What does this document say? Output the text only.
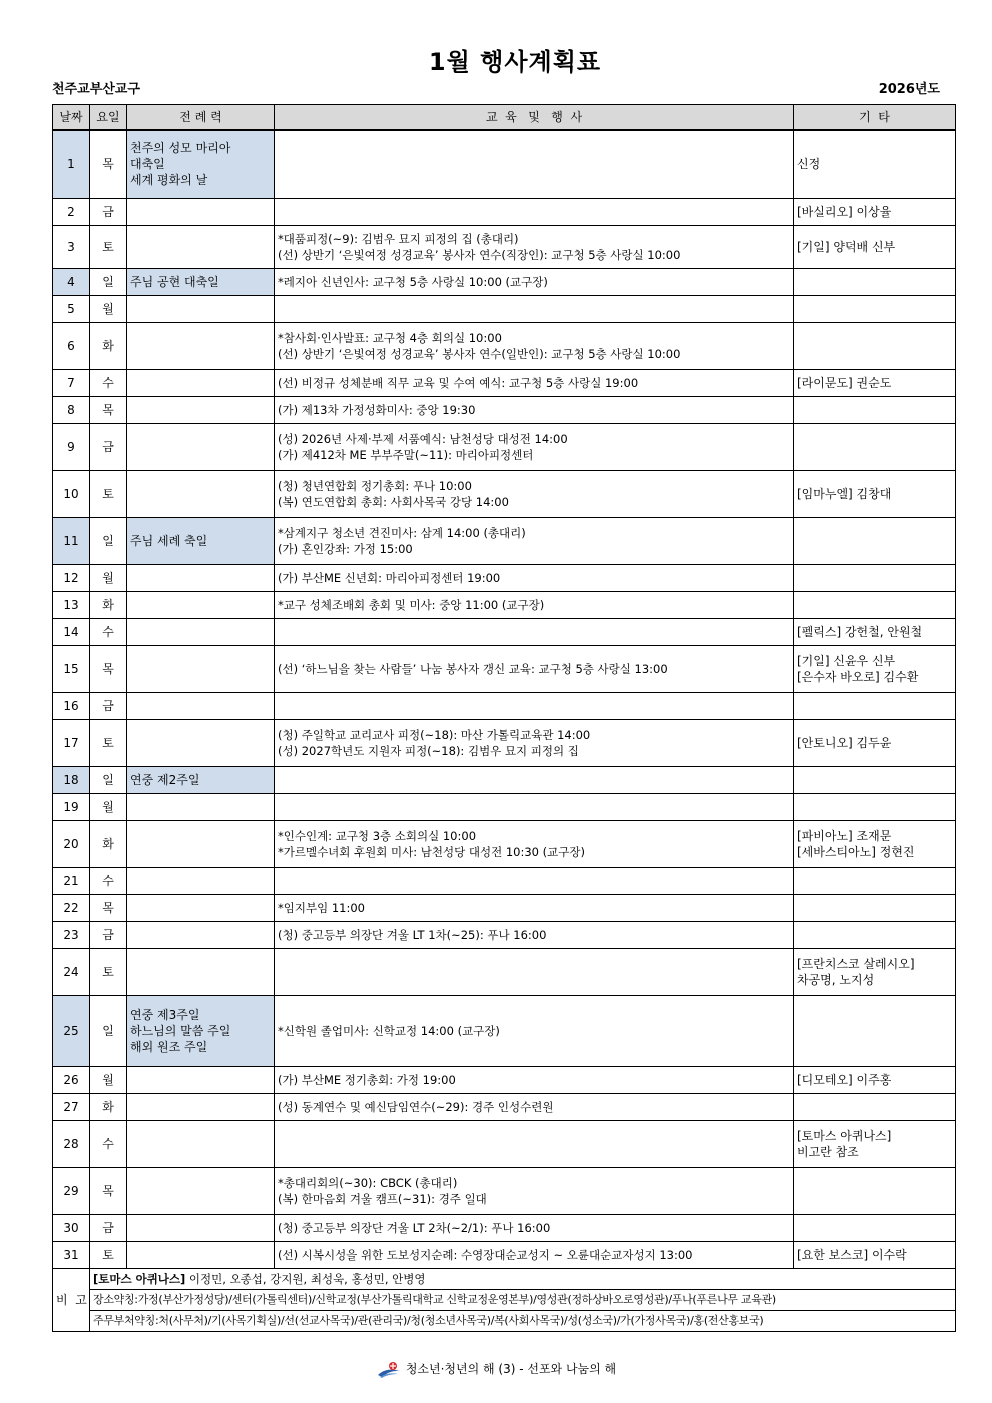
1월 행사계획표
천주교부산교구	2026년도
날짜	요일	전 례 력	교  육   및   행  사	기  타
1	목	천주의 성모 마리아
대축일
세계 평화의 날		신정
2	금			[바실리오] 이상율
3	토		*대품피정(~9): 김범우 묘지 피정의 집 (총대리)
(선) 상반기 ‘은빛여정 성경교육’ 봉사자 연수(직장인): 교구청 5층 사랑실 10:00	[기일] 양덕배 신부
4	일	주님 공현 대축일	*레지아 신년인사: 교구청 5층 사랑실 10:00 (교구장)	
5	월			
6	화		*참사회·인사발표: 교구청 4층 회의실 10:00
(선) 상반기 ‘은빛여정 성경교육’ 봉사자 연수(일반인): 교구청 5층 사랑실 10:00	
7	수		(선) 비정규 성체분배 직무 교육 및 수여 예식: 교구청 5층 사랑실 19:00	[라이문도] 권순도
8	목		(가) 제13차 가정성화미사: 중앙 19:30	
9	금		(성) 2026년 사제·부제 서품예식: 남천성당 대성전 14:00
(가) 제412차 ME 부부주말(~11): 마리아피정센터	
10	토		(청) 청년연합회 정기총회: 푸나 10:00
(복) 연도연합회 총회: 사회사목국 강당 14:00	[임마누엘] 김창대
11	일	주님 세례 축일	*삼계지구 청소년 견진미사: 삼계 14:00 (총대리)
(가) 혼인강좌: 가정 15:00	
12	월		(가) 부산ME 신년회: 마리아피정센터 19:00	
13	화		*교구 성체조배회 총회 및 미사: 중앙 11:00 (교구장)	
14	수			[펠릭스] 강헌철, 안원철
15	목		(선) ‘하느님을 찾는 사람들’ 나눔 봉사자 갱신 교육: 교구청 5층 사랑실 13:00	[기일] 신윤우 신부
[은수자 바오로] 김수환
16	금			
17	토		(청) 주일학교 교리교사 피정(~18): 마산 가톨릭교육관 14:00
(성) 2027학년도 지원자 피정(~18): 김범우 묘지 피정의 집	[안토니오] 김두윤
18	일	연중 제2주일		
19	월			
20	화		*인수인계: 교구청 3층 소회의실 10:00
*가르멜수녀회 후원회 미사: 남천성당 대성전 10:30 (교구장)	[파비아노] 조재문
[세바스티아노] 정현진
21	수			
22	목		*임지부임 11:00	
23	금		(청) 중고등부 의장단 겨울 LT 1차(~25): 푸나 16:00	
24	토			[프란치스코 살레시오]
차공명, 노지성
25	일	연중 제3주일
하느님의 말씀 주일
해외 원조 주일	*신학원 졸업미사: 신학교정 14:00 (교구장)	
26	월		(가) 부산ME 정기총회: 가정 19:00	[디모테오] 이주홍
27	화		(성) 동계연수 및 예신담임연수(~29): 경주 인성수련원	
28	수			[토마스 아퀴나스]
비고란 참조
29	목		*총대리회의(~30): CBCK (총대리)
(복) 한마음회 겨울 캠프(~31): 경주 일대	
30	금		(청) 중고등부 의장단 겨울 LT 2차(~2/1): 푸나 16:00	
31	토		(선) 시복시성을 위한 도보성지순례: 수영장대순교성지 ~ 오륜대순교자성지 13:00	[요한 보스코] 이수락
비  고	[토마스 아퀴나스] 이정민, 오종섭, 강지원, 최성욱, 홍성민, 안병영			
	장소약칭:가정(부산가정성당)/센터(가톨릭센터)/신학교정(부산가톨릭대학교 신학교정운영본부)/영성관(정하상바오로영성관)/푸나(푸른나무 교육관)			
	주무부처약칭:처(사무처)/기(사목기획실)/선(선교사목국)/관(관리국)/청(청소년사목국)/복(사회사목국)/성(성소국)/가(가정사목국)/홍(전산홍보국)			
청소년·청년의 해 (3) - 선포와 나눔의 해
